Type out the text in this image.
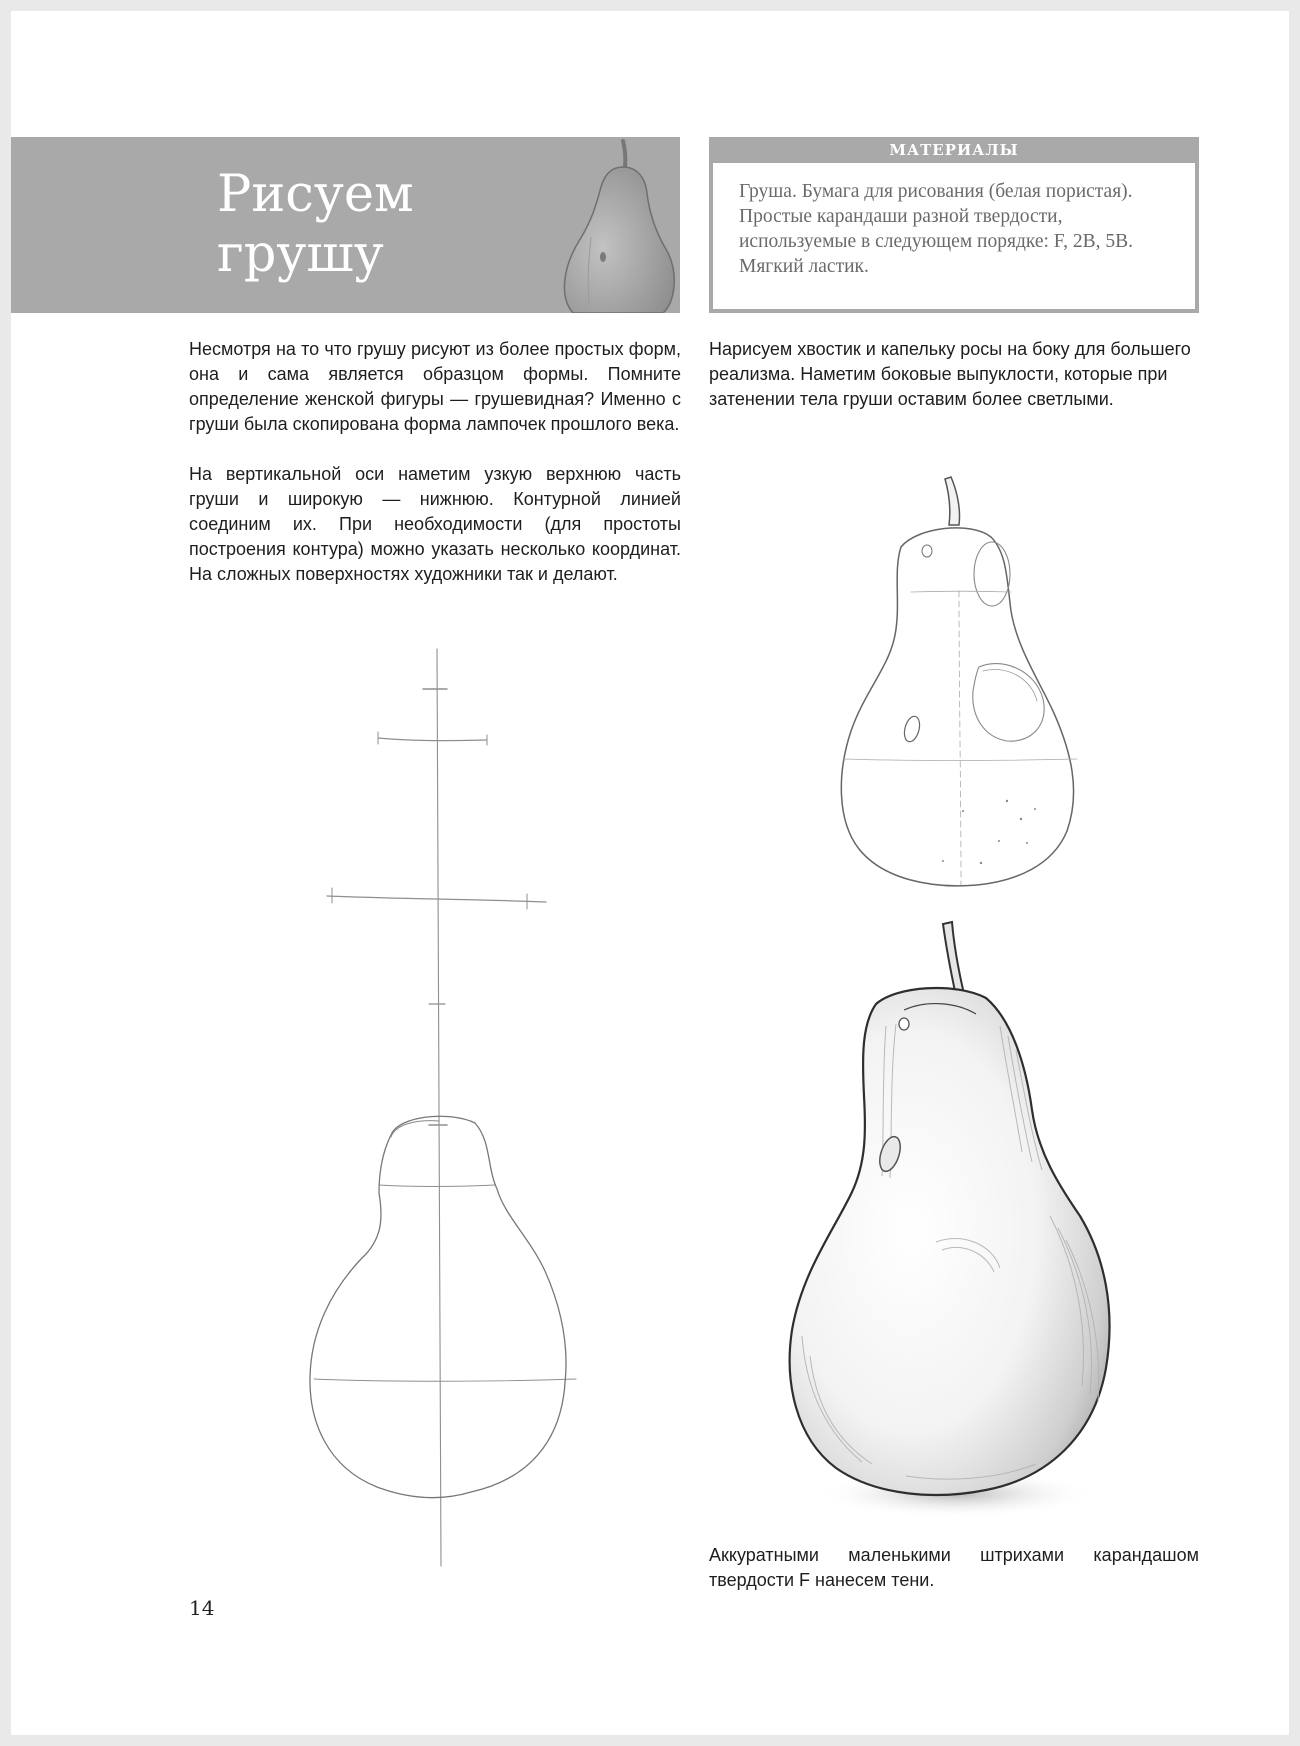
Рисуем
грушу
МАТЕРИАЛЫ

Груша. Бумага для рисования (белая пористая). Простые карандаши разной твердости, используемые в следующем порядке: F, 2B, 5B. Мягкий ластик.

Несмотря на то что грушу рисуют из более простых форм, она и сама является образцом формы. Помните определение женской фигуры — грушевидная? Именно с груши была скопирована форма лампочек прошлого века.

На вертикальной оси наметим узкую верхнюю часть груши и широкую — нижнюю. Контурной линией соединим их. При необходимости (для простоты построения контура) можно указать несколько координат. На сложных поверхностях художники так и делают.

Нарисуем хвостик и капельку росы на боку для большего реализма. Наметим боковые выпуклости, которые при затенении тела груши оставим более светлыми.

Аккуратными маленькими штрихами карандашом твердости F нанесем тени.

14
